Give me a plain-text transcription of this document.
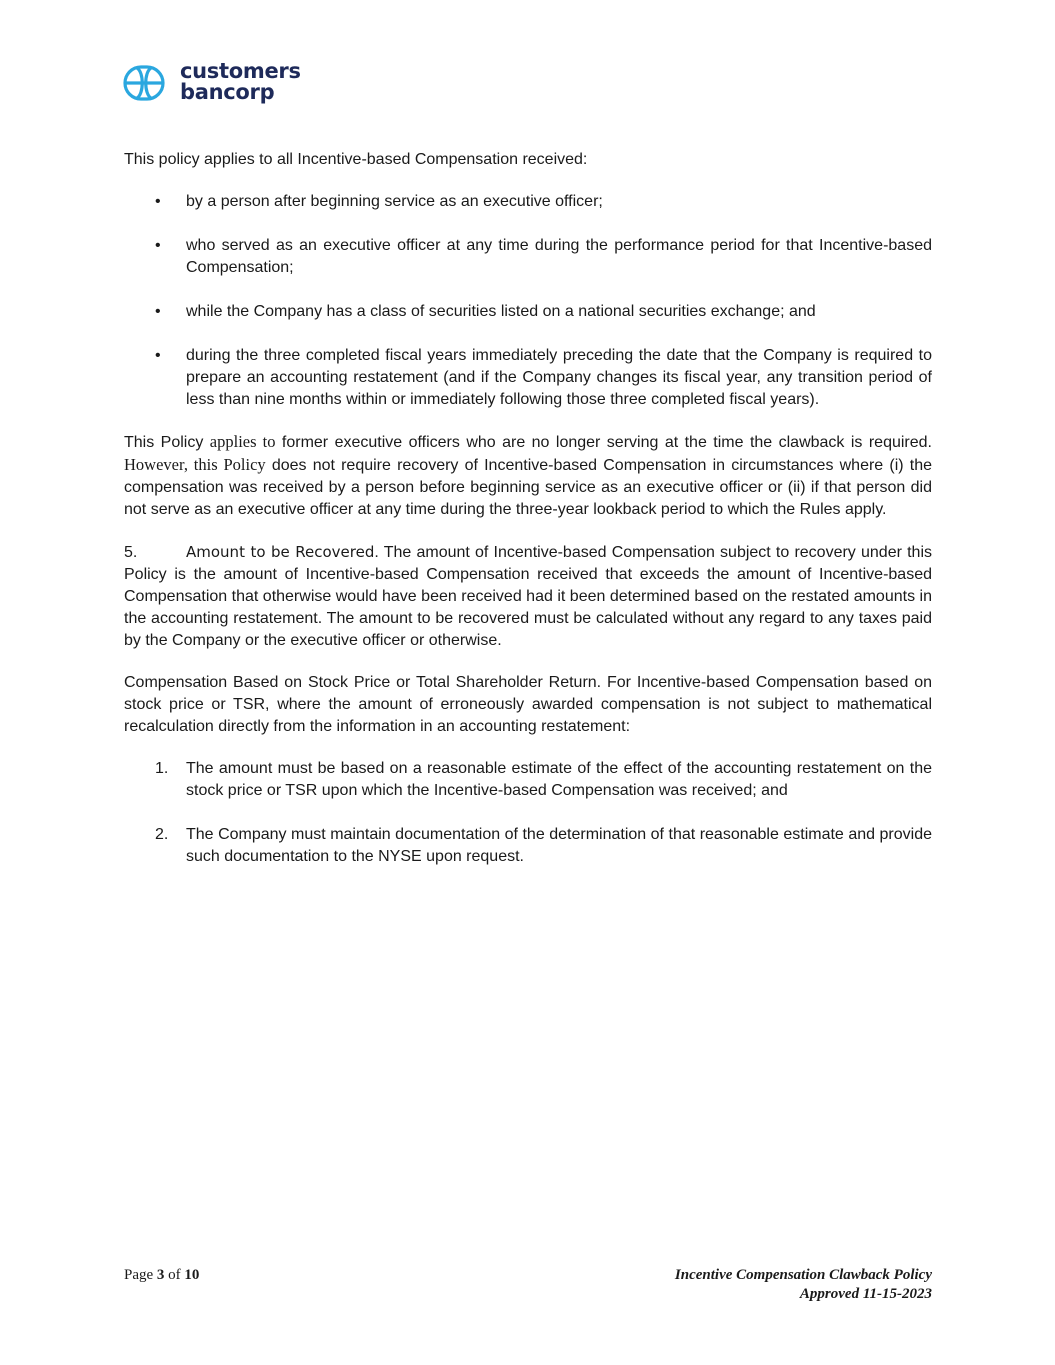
customers
bancorp

This policy applies to all Incentive-based Compensation received:

• by a person after beginning service as an executive officer;
• who served as an executive officer at any time during the performance period for that Incentive-based Compensation;
• while the Company has a class of securities listed on a national securities exchange; and
• during the three completed fiscal years immediately preceding the date that the Company is required to prepare an accounting restatement (and if the Company changes its fiscal year, any transition period of less than nine months within or immediately following those three completed fiscal years).

This Policy applies to former executive officers who are no longer serving at the time the clawback is required. However, this Policy does not require recovery of Incentive-based Compensation in circumstances where (i) the compensation was received by a person before beginning service as an executive officer or (ii) if that person did not serve as an executive officer at any time during the three-year lookback period to which the Rules apply.

5.	Amount to be Recovered. The amount of Incentive-based Compensation subject to recovery under this Policy is the amount of Incentive-based Compensation received that exceeds the amount of Incentive-based Compensation that otherwise would have been received had it been determined based on the restated amounts in the accounting restatement. The amount to be recovered must be calculated without any regard to any taxes paid by the Company or the executive officer or otherwise.

Compensation Based on Stock Price or Total Shareholder Return. For Incentive-based Compensation based on stock price or TSR, where the amount of erroneously awarded compensation is not subject to mathematical recalculation directly from the information in an accounting restatement:

1. The amount must be based on a reasonable estimate of the effect of the accounting restatement on the stock price or TSR upon which the Incentive-based Compensation was received; and
2. The Company must maintain documentation of the determination of that reasonable estimate and provide such documentation to the NYSE upon request.
Page 3 of 10	Incentive Compensation Clawback Policy
Approved 11-15-2023
